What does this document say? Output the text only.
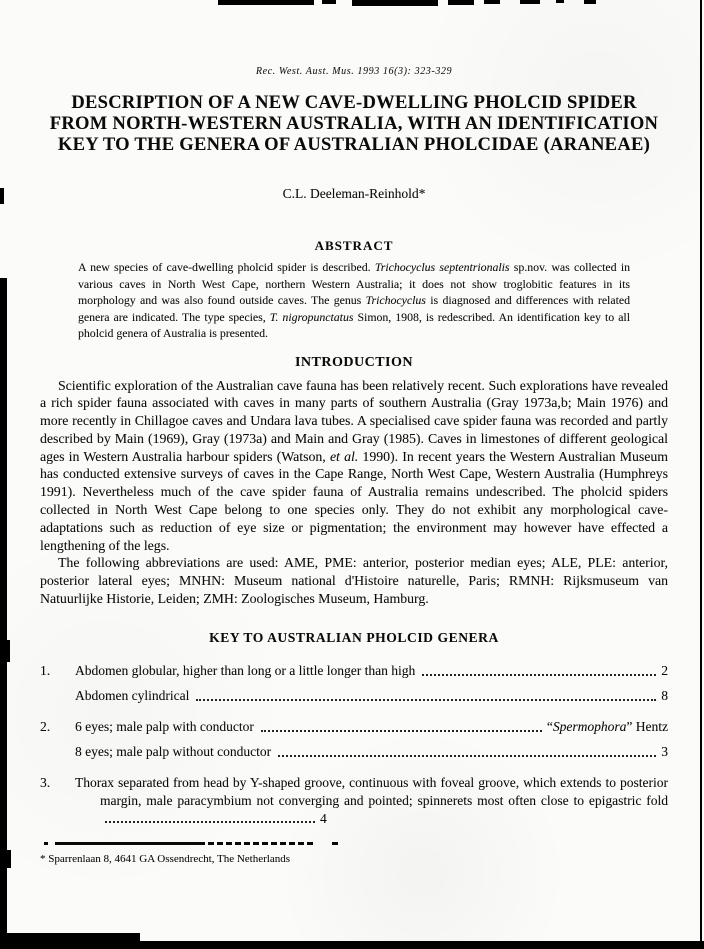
Rec. West. Aust. Mus. 1993 16(3): 323-329
DESCRIPTION OF A NEW CAVE-DWELLING PHOLCID SPIDER
FROM NORTH-WESTERN AUSTRALIA, WITH AN IDENTIFICATION
KEY TO THE GENERA OF AUSTRALIAN PHOLCIDAE (ARANEAE)
C.L. Deeleman-Reinhold*
ABSTRACT
A new species of cave-dwelling pholcid spider is described. Trichocyclus septentrionalis sp.nov. was collected in various caves in North West Cape, northern Western Australia; it does not show troglobitic features in its morphology and was also found outside caves. The genus Trichocyclus is diagnosed and differences with related genera are indicated. The type species, T. nigropunctatus Simon, 1908, is redescribed. An identification key to all pholcid genera of Australia is presented.
INTRODUCTION

Scientific exploration of the Australian cave fauna has been relatively recent. Such explorations have revealed a rich spider fauna associated with caves in many parts of southern Australia (Gray 1973a,b; Main 1976) and more recently in Chillagoe caves and Undara lava tubes. A specialised cave spider fauna was recorded and partly described by Main (1969), Gray (1973a) and Main and Gray (1985). Caves in limestones of different geological ages in Western Australia harbour spiders (Watson, et al. 1990). In recent years the Western Australian Museum has conducted extensive surveys of caves in the Cape Range, North West Cape, Western Australia (Humphreys 1991). Nevertheless much of the cave spider fauna of Australia remains undescribed. The pholcid spiders collected in North West Cape belong to one species only. They do not exhibit any morphological cave-adaptations such as reduction of eye size or pigmentation; the environment may however have effected a lengthening of the legs.

The following abbreviations are used: AME, PME: anterior, posterior median eyes; ALE, PLE: anterior, posterior lateral eyes; MNHN: Museum national d'Histoire naturelle, Paris; RMNH: Rijksmuseum van Natuurlijke Historie, Leiden; ZMH: Zoologisches Museum, Hamburg.

KEY TO AUSTRALIAN PHOLCID GENERA
1.	Abdomen globular, higher than long or a little longer than high	2
Abdomen cylindrical	8
2.	6 eyes; male palp with conductor	“Spermophora” Hentz
8 eyes; male palp without conductor	3
3. Thorax separated from head by Y-shaped groove, continuous with foveal groove, which extends to posterior margin, male paracymbium not converging and pointed; spinnerets most often close to epigastric fold 4
* Sparrenlaan 8, 4641 GA Ossendrecht, The Netherlands
